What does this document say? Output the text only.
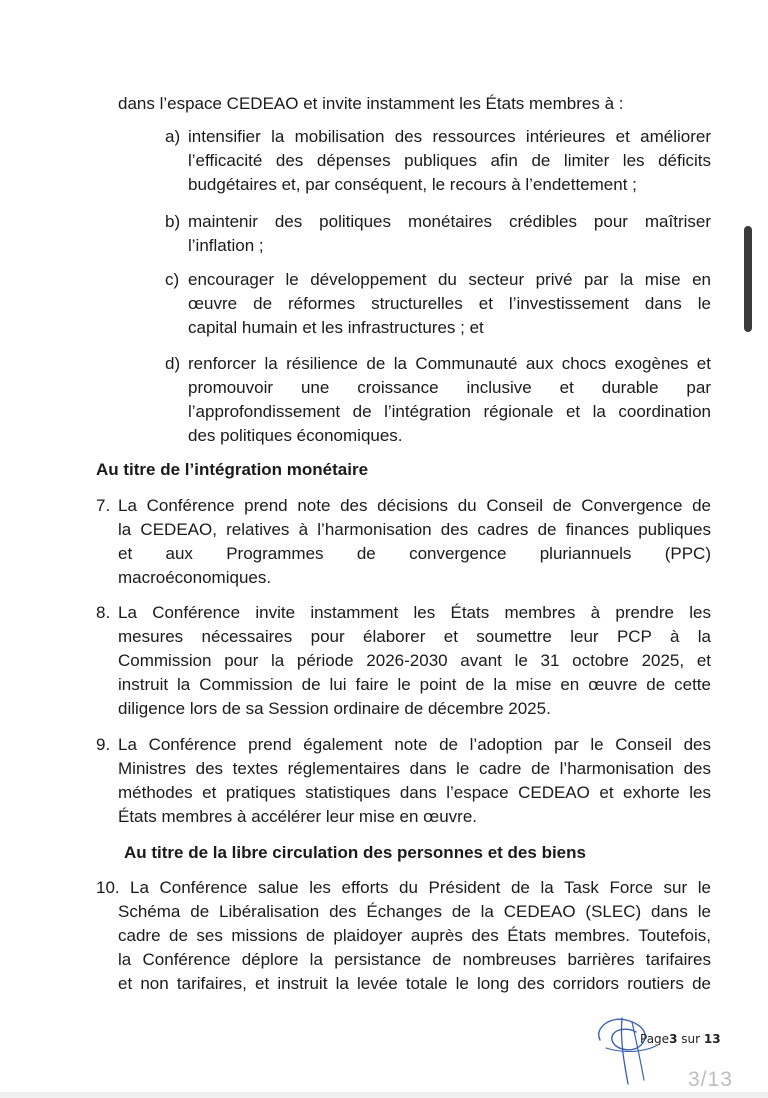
dans l’espace CEDEAO et invite instamment les États membres à :
a) intensifier la mobilisation des ressources intérieures et améliorer
l’efficacité des dépenses publiques afin de limiter les déficits
budgétaires et, par conséquent, le recours à l’endettement ;
b) maintenir des politiques monétaires crédibles pour maîtriser
l’inflation ;
c) encourager le développement du secteur privé par la mise en
œuvre de réformes structurelles et l’investissement dans le
capital humain et les infrastructures ; et
d) renforcer la résilience de la Communauté aux chocs exogènes et
promouvoir une croissance inclusive et durable par
l’approfondissement de l’intégration régionale et la coordination
des politiques économiques.
Au titre de l’intégration monétaire
7. La Conférence prend note des décisions du Conseil de Convergence de
la CEDEAO, relatives à l’harmonisation des cadres de finances publiques
et aux Programmes de convergence pluriannuels (PPC)
macroéconomiques.
8. La Conférence invite instamment les États membres à prendre les
mesures nécessaires pour élaborer et soumettre leur PCP à la
Commission pour la période 2026-2030 avant le 31 octobre 2025, et
instruit la Commission de lui faire le point de la mise en œuvre de cette
diligence lors de sa Session ordinaire de décembre 2025.
9. La Conférence prend également note de l’adoption par le Conseil des
Ministres des textes réglementaires dans le cadre de l’harmonisation des
méthodes et pratiques statistiques dans l’espace CEDEAO et exhorte les
États membres à accélérer leur mise en œuvre.
Au titre de la libre circulation des personnes et des biens
10. La Conférence salue les efforts du Président de la Task Force sur le
Schéma de Libéralisation des Échanges de la CEDEAO (SLEC) dans le
cadre de ses missions de plaidoyer auprès des États membres. Toutefois,
la Conférence déplore la persistance de nombreuses barrières tarifaires
et non tarifaires, et instruit la levée totale le long des corridors routiers de
Page3 sur 13
3/13
